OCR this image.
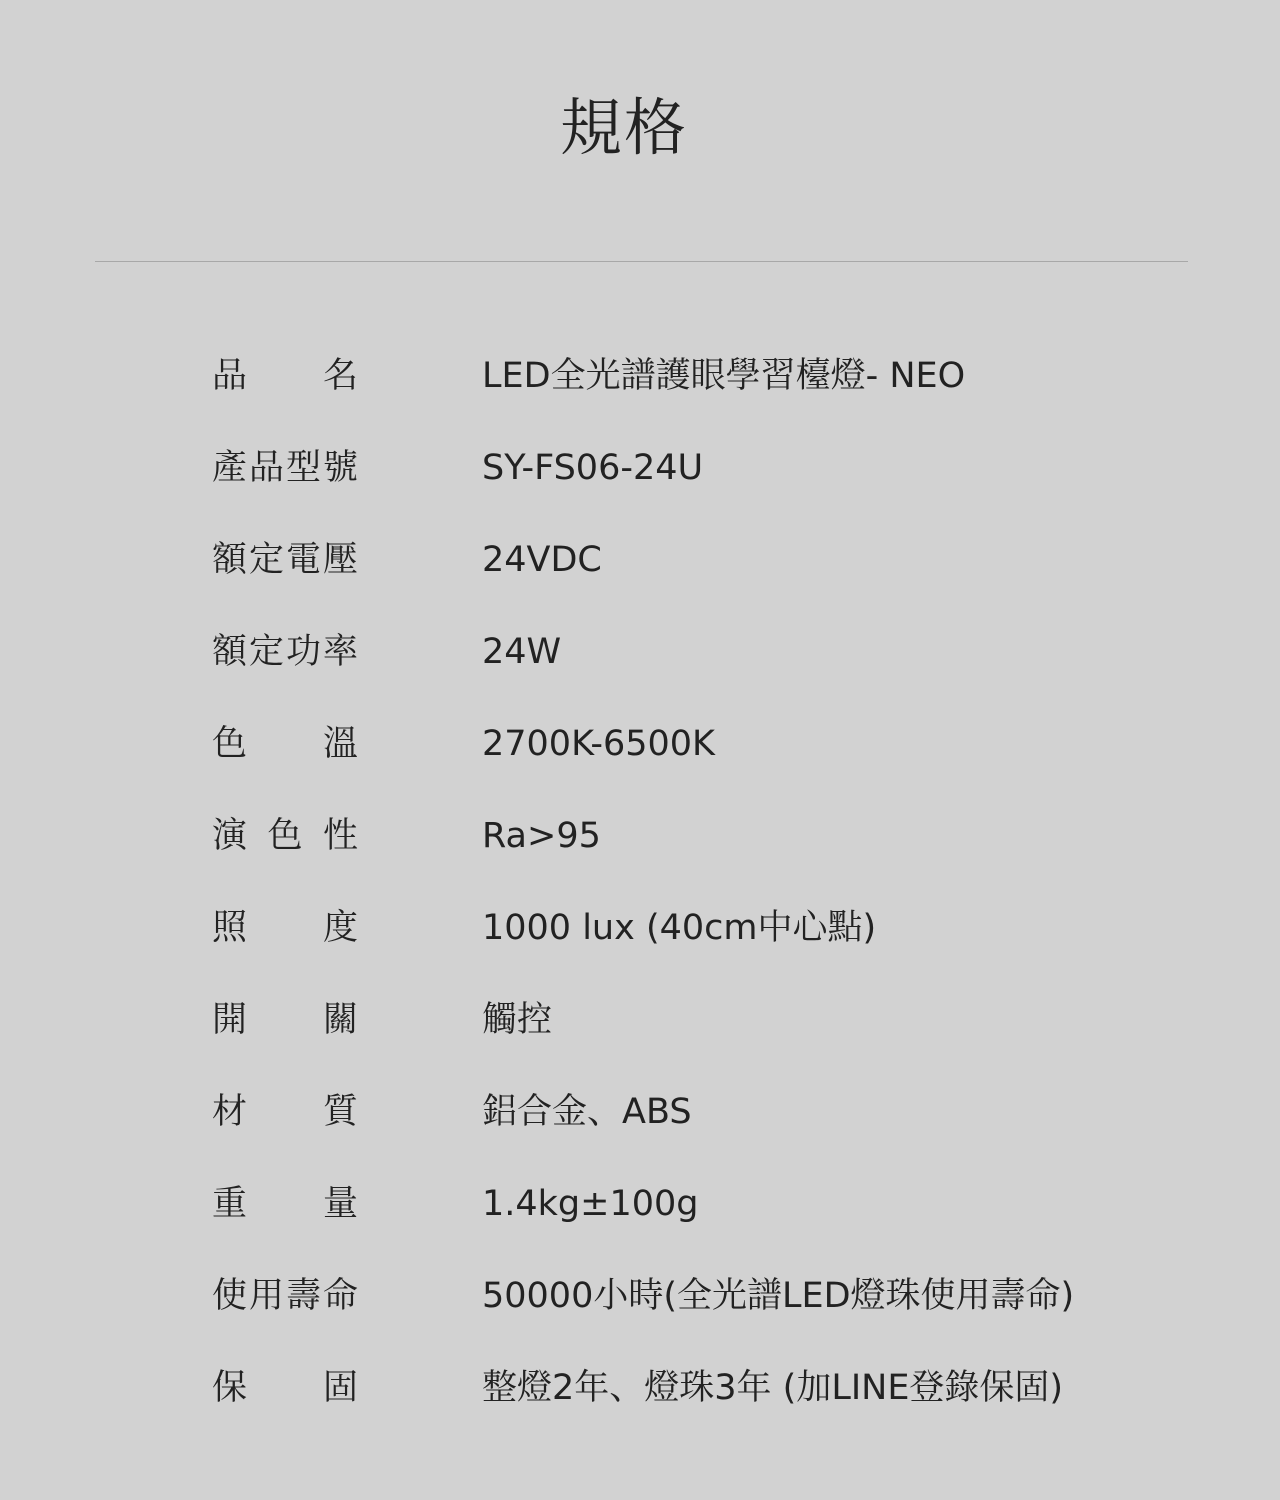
規格
品 名	LED全光譜護眼學習檯燈- NEO
產 品 型 號	SY-FS06-24U
額 定 電 壓	24VDC
額 定 功 率	24W
色 溫	2700K-6500K
演 色 性	Ra>95
照 度	1000 lux (40cm中心點)
開 關	觸控
材 質	鋁合金、ABS
重 量	1.4kg±100g
使 用 壽 命	50000小時(全光譜LED燈珠使用壽命)
保 固	整燈2年、燈珠3年 (加LINE登錄保固)
